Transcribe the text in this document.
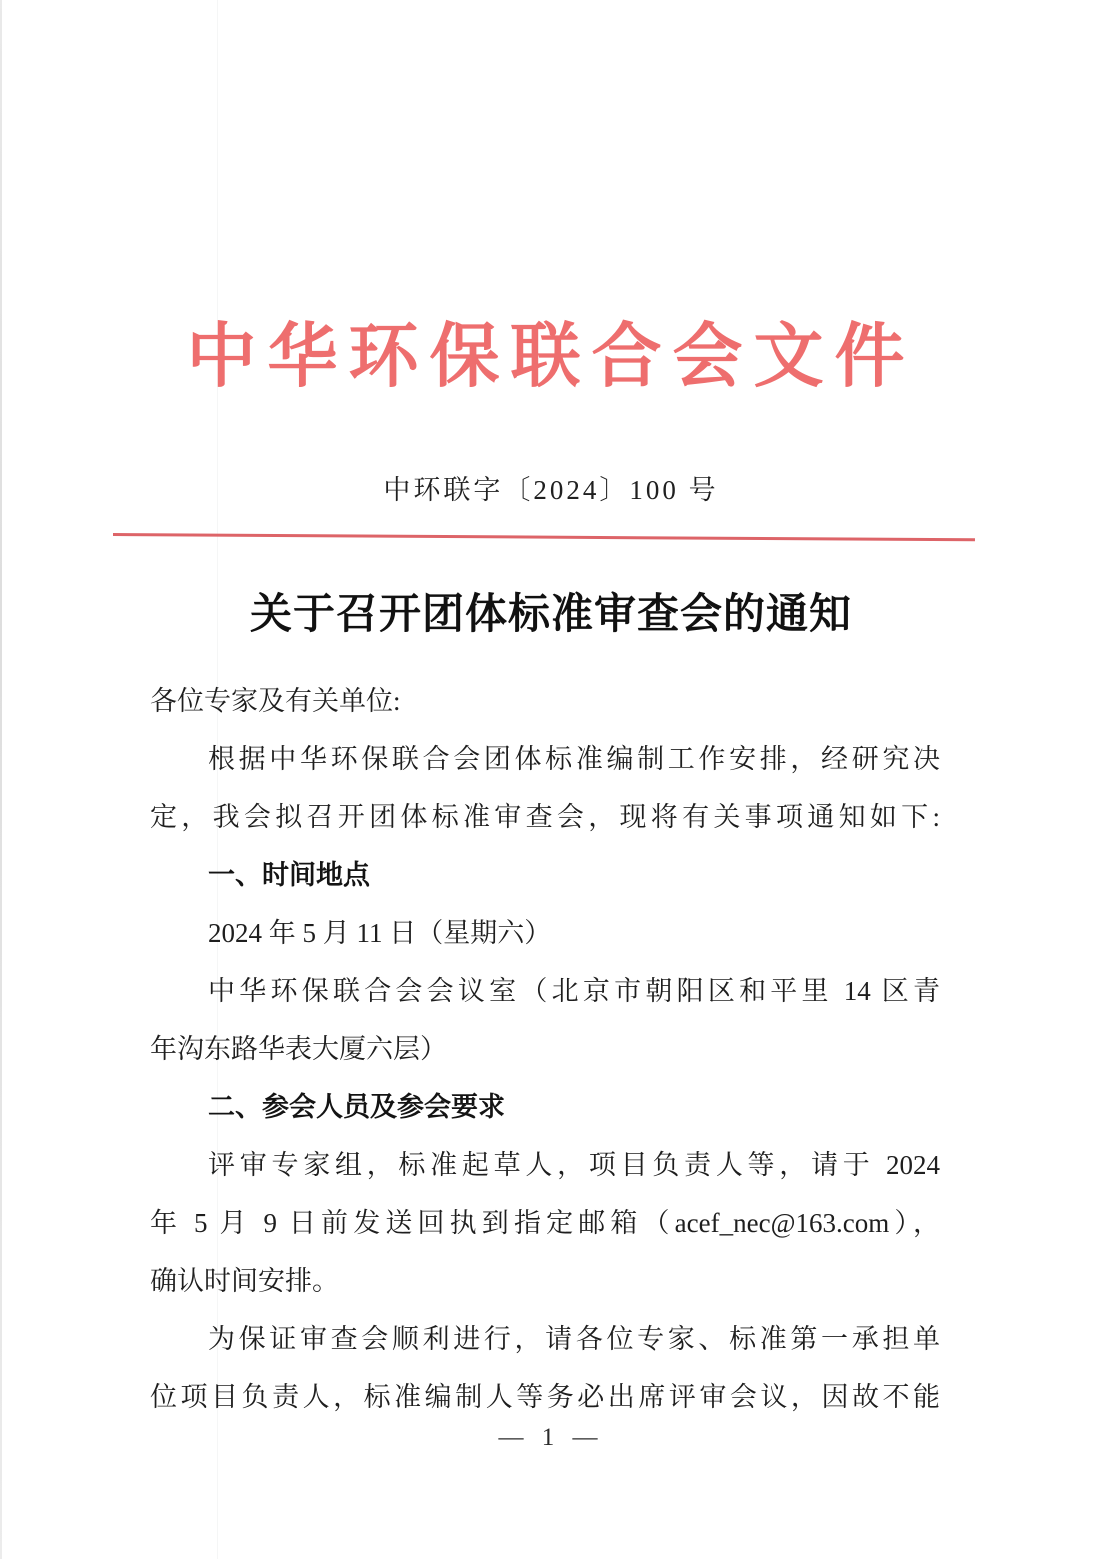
中华环保联合会文件
中环联字〔2024〕100 号
关于召开团体标准审查会的通知
各位专家及有关单位:
根据中华环保联合会团体标准编制工作安排，经研究决
定，我会拟召开团体标准审查会，现将有关事项通知如下:
一、时间地点
2024 年 5 月 11 日（星期六）
中华环保联合会会议室（北京市朝阳区和平里 14 区青
年沟东路华表大厦六层）
二、参会人员及参会要求
评审专家组，标准起草人，项目负责人等，请于 2024
年 5 月 9 日前发送回执到指定邮箱（acef_nec@163.com），
确认时间安排。
为保证审查会顺利进行，请各位专家、标准第一承担单
位项目负责人，标准编制人等务必出席评审会议，因故不能
— 1 —
